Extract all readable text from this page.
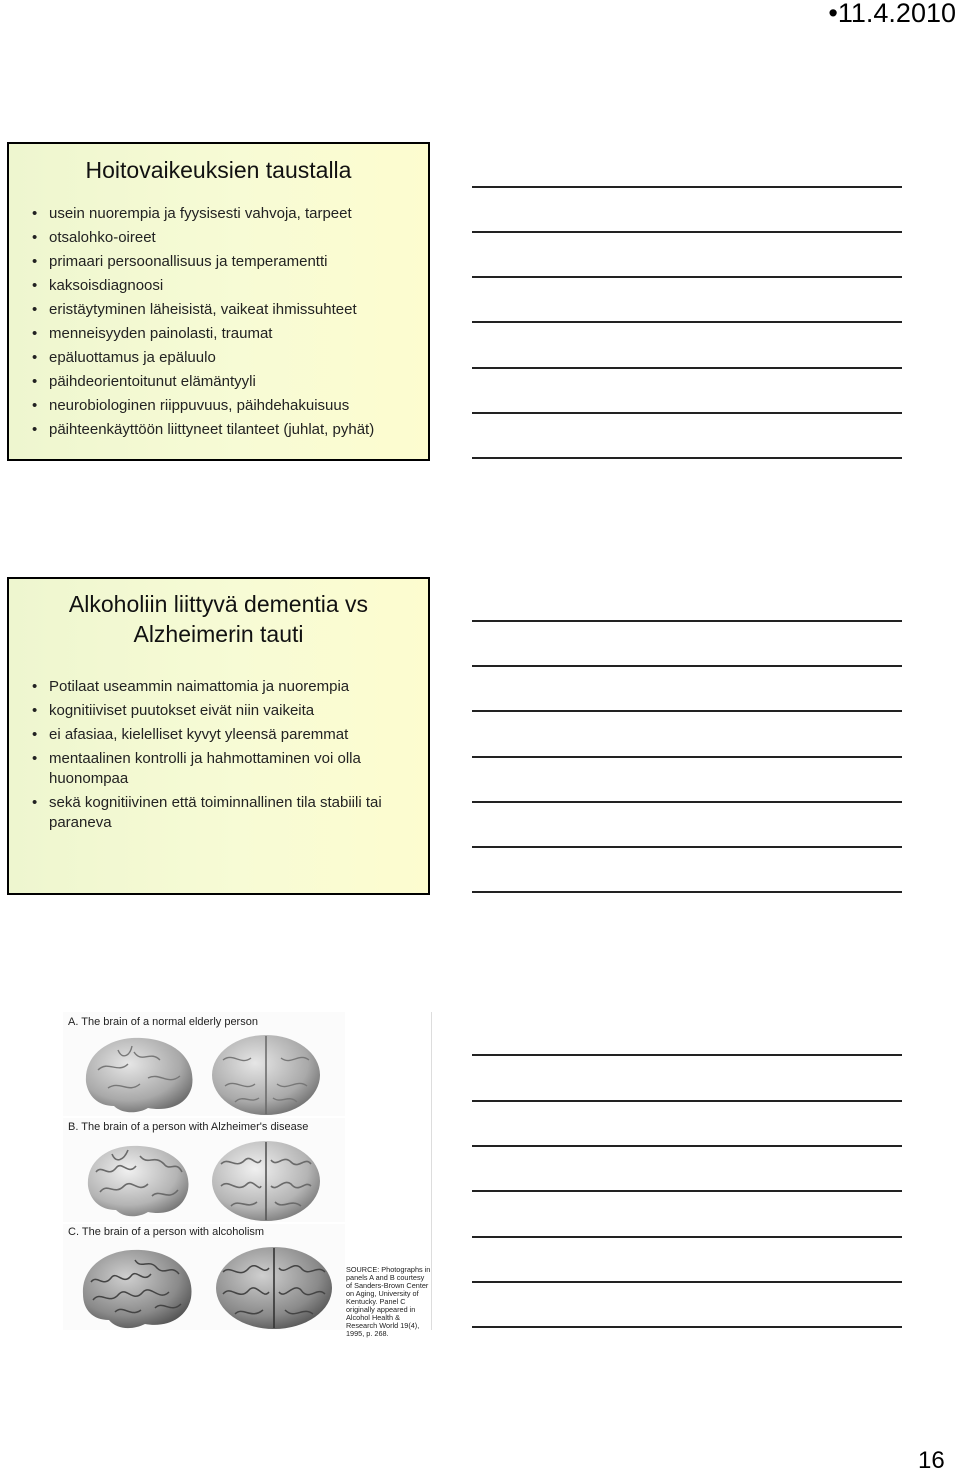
•11.4.2010
Hoitovaikeuksien taustalla
• usein nuorempia ja fyysisesti vahvoja, tarpeet
• otsalohko-oireet
• primaari persoonallisuus ja temperamentti
• kaksoisdiagnoosi
• eristäytyminen läheisistä, vaikeat ihmissuhteet
• menneisyyden painolasti, traumat
• epäluottamus ja epäluulo
• päihdeorientoitunut elämäntyyli
• neurobiologinen riippuvuus, päihdehakuisuus
• päihteenkäyttöön liittyneet tilanteet (juhlat, pyhät)
Alkoholiin liittyvä dementia vs
Alzheimerin tauti
• Potilaat useammin naimattomia ja nuorempia
• kognitiiviset puutokset eivät niin vaikeita
• ei afasiaa, kielelliset kyvyt yleensä paremmat
• mentaalinen kontrolli ja hahmottaminen voi olla huonompaa
• sekä kognitiivinen että toiminnallinen tila stabiili tai paraneva
A. The brain of a normal elderly person
B. The brain of a person with Alzheimer's disease
C. The brain of a person with alcoholism
SOURCE: Photographs in panels A and B courtesy of Sanders-Brown Center on Aging, University of Kentucky. Panel C originally appeared in Alcohol Health & Research World 19(4), 1995, p. 268.
16
